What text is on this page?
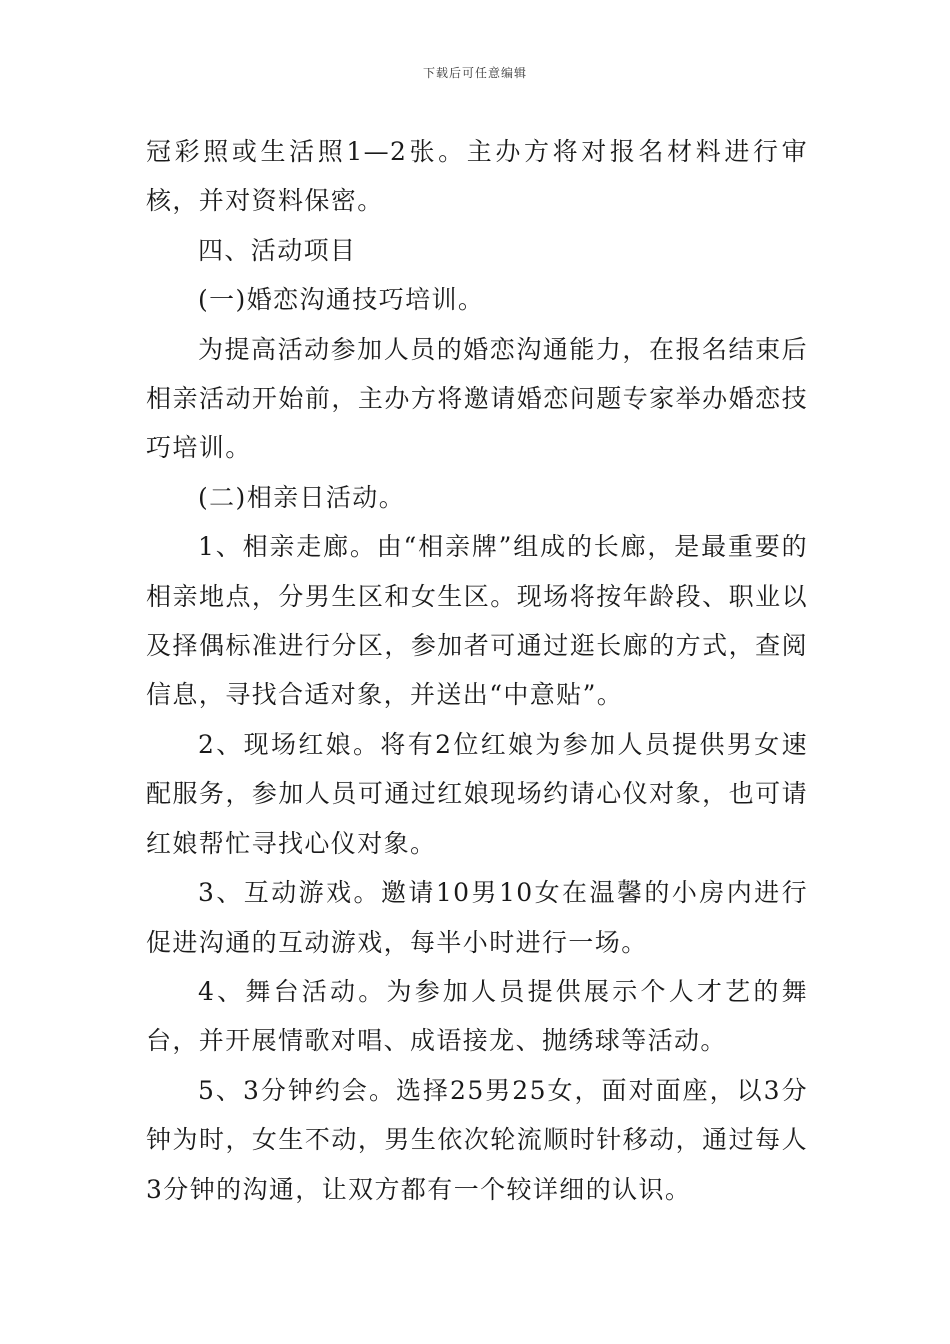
下载后可任意编辑

冠彩照或生活照1—2张。主办方将对报名材料进行审核，并对资料保密。

四、活动项目

(一)婚恋沟通技巧培训。

为提高活动参加人员的婚恋沟通能力，在报名结束后相亲活动开始前，主办方将邀请婚恋问题专家举办婚恋技巧培训。

(二)相亲日活动。

1、相亲走廊。由“相亲牌”组成的长廊，是最重要的相亲地点，分男生区和女生区。现场将按年龄段、职业以及择偶标准进行分区，参加者可通过逛长廊的方式，查阅信息，寻找合适对象，并送出“中意贴”。

2、现场红娘。将有2位红娘为参加人员提供男女速配服务，参加人员可通过红娘现场约请心仪对象，也可请红娘帮忙寻找心仪对象。

3、互动游戏。邀请10男10女在温馨的小房内进行促进沟通的互动游戏，每半小时进行一场。

4、舞台活动。为参加人员提供展示个人才艺的舞台，并开展情歌对唱、成语接龙、抛绣球等活动。

5、3分钟约会。选择25男25女，面对面座，以3分钟为时，女生不动，男生依次轮流顺时针移动，通过每人3分钟的沟通，让双方都有一个较详细的认识。
